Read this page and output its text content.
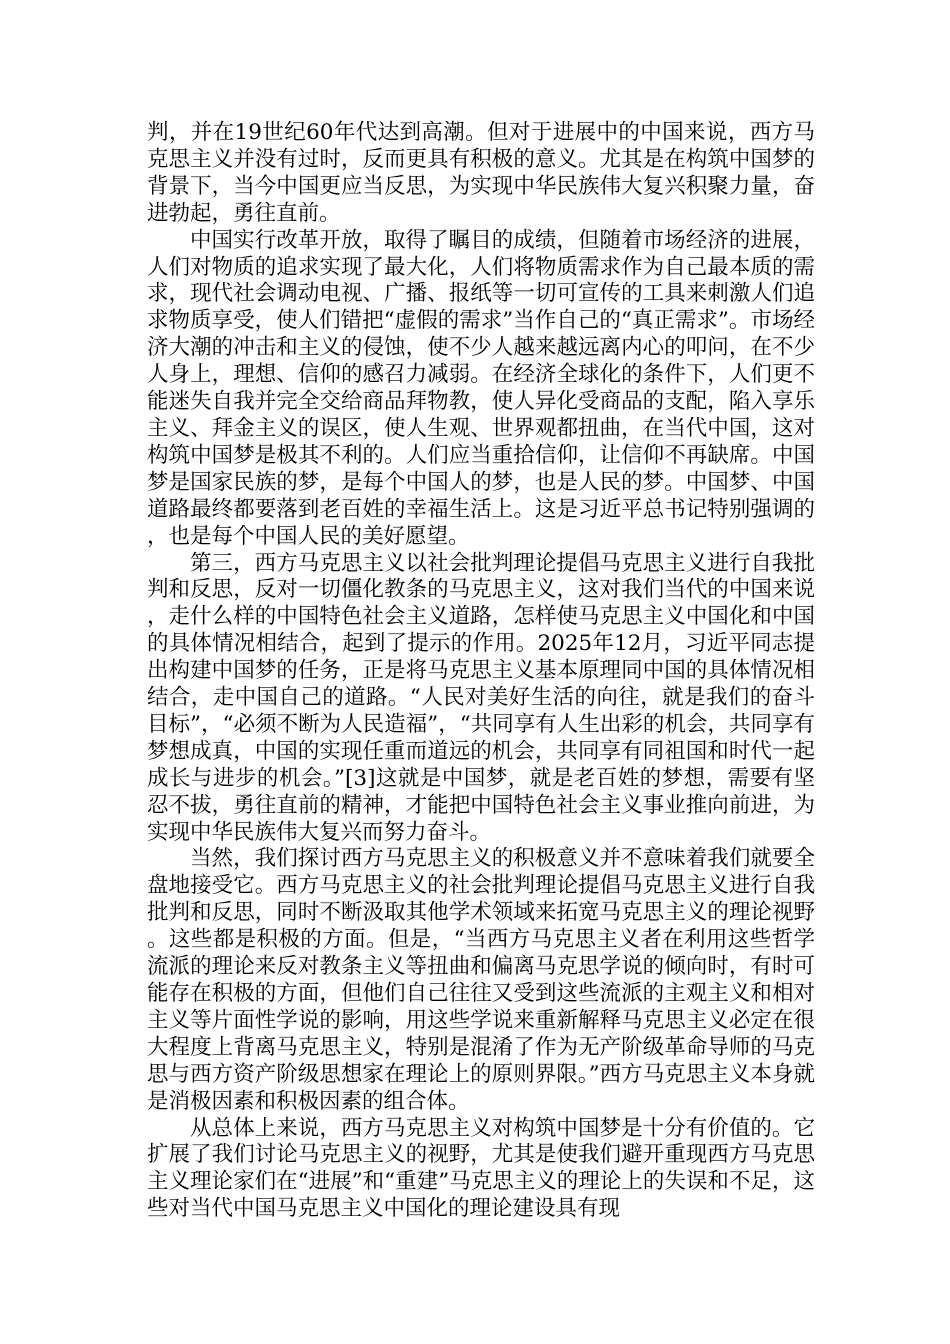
判，并在19世纪60年代达到高潮。但对于进展中的中国来说，西方马克思主义并没有过时，反而更具有积极的意义。尤其是在构筑中国梦的背景下，当今中国更应当反思，为实现中华民族伟大复兴积聚力量，奋进勃起，勇往直前。

中国实行改革开放，取得了瞩目的成绩，但随着市场经济的进展，人们对物质的追求实现了最大化，人们将物质需求作为自己最本质的需求，现代社会调动电视、广播、报纸等一切可宣传的工具来刺激人们追求物质享受，使人们错把“虚假的需求”当作自己的“真正需求”。市场经济大潮的冲击和主义的侵蚀，使不少人越来越远离内心的叩问，在不少人身上，理想、信仰的感召力减弱。在经济全球化的条件下，人们更不能迷失自我并完全交给商品拜物教，使人异化受商品的支配，陷入享乐主义、拜金主义的误区，使人生观、世界观都扭曲，在当代中国，这对构筑中国梦是极其不利的。人们应当重拾信仰，让信仰不再缺席。中国梦是国家民族的梦，是每个中国人的梦，也是人民的梦。中国梦、中国道路最终都要落到老百姓的幸福生活上。这是习近平总书记特别强调的，也是每个中国人民的美好愿望。

第三，西方马克思主义以社会批判理论提倡马克思主义进行自我批判和反思，反对一切僵化教条的马克思主义，这对我们当代的中国来说，走什么样的中国特色社会主义道路，怎样使马克思主义中国化和中国的具体情况相结合，起到了提示的作用。2025年12月，习近平同志提出构建中国梦的任务，正是将马克思主义基本原理同中国的具体情况相结合，走中国自己的道路。“人民对美好生活的向往，就是我们的奋斗目标”，“必须不断为人民造福”，“共同享有人生出彩的机会，共同享有梦想成真，中国的实现任重而道远的机会，共同享有同祖国和时代一起成长与进步的机会。”[3]这就是中国梦，就是老百姓的梦想，需要有坚忍不拔，勇往直前的精神，才能把中国特色社会主义事业推向前进，为实现中华民族伟大复兴而努力奋斗。

当然，我们探讨西方马克思主义的积极意义并不意味着我们就要全盘地接受它。西方马克思主义的社会批判理论提倡马克思主义进行自我批判和反思，同时不断汲取其他学术领域来拓宽马克思主义的理论视野。这些都是积极的方面。但是，“当西方马克思主义者在利用这些哲学流派的理论来反对教条主义等扭曲和偏离马克思学说的倾向时，有时可能存在积极的方面，但他们自己往往又受到这些流派的主观主义和相对主义等片面性学说的影响，用这些学说来重新解释马克思主义必定在很大程度上背离马克思主义，特别是混淆了作为无产阶级革命导师的马克思与西方资产阶级思想家在理论上的原则界限。”西方马克思主义本身就是消极因素和积极因素的组合体。

从总体上来说，西方马克思主义对构筑中国梦是十分有价值的。它扩展了我们讨论马克思主义的视野，尤其是使我们避开重现西方马克思主义理论家们在“进展”和“重建”马克思主义的理论上的失误和不足，这些对当代中国马克思主义中国化的理论建设具有现
